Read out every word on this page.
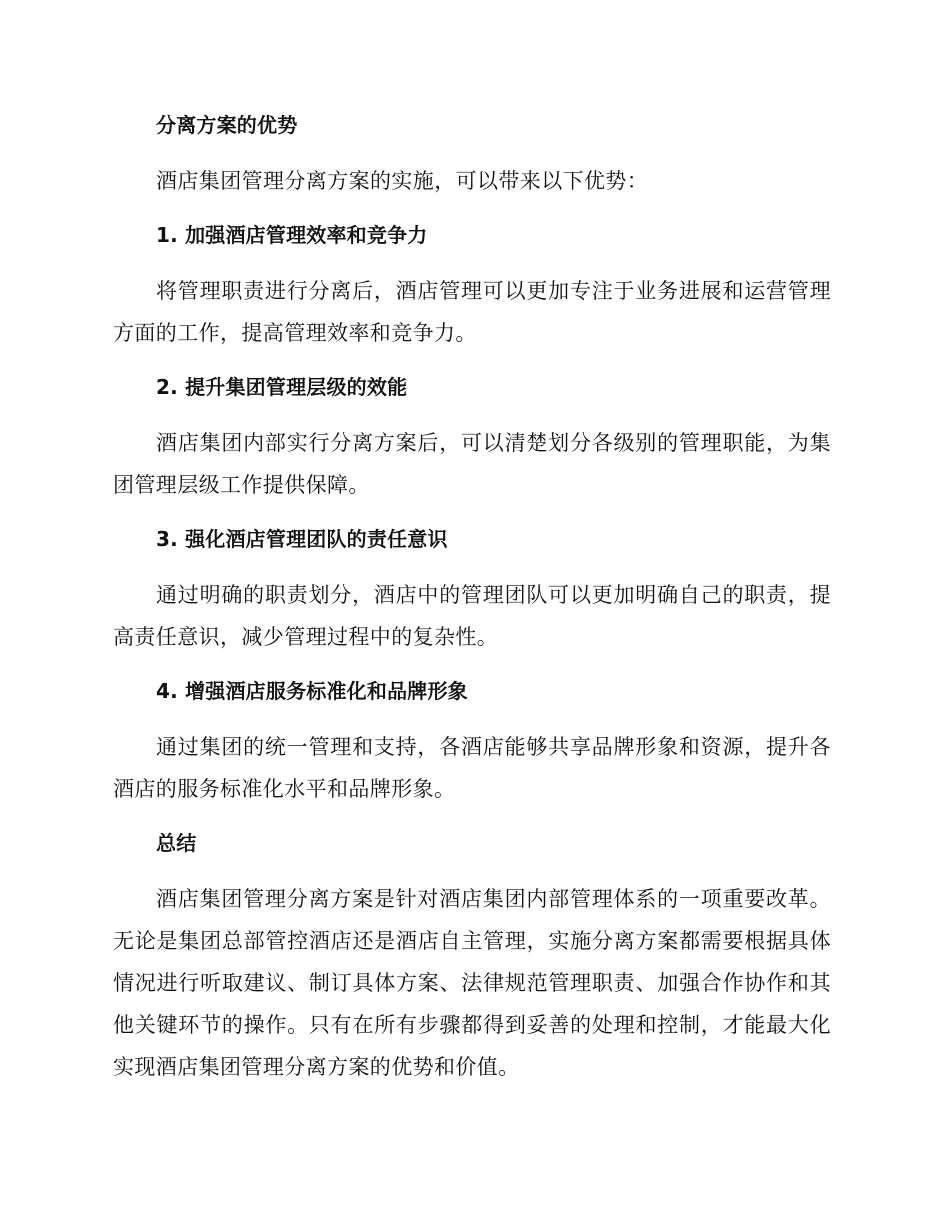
分离方案的优势

酒店集团管理分离方案的实施，可以带来以下优势：

1. 加强酒店管理效率和竞争力

将管理职责进行分离后，酒店管理可以更加专注于业务进展和运营管理方面的工作，提高管理效率和竞争力。

2. 提升集团管理层级的效能

酒店集团内部实行分离方案后，可以清楚划分各级别的管理职能，为集团管理层级工作提供保障。

3. 强化酒店管理团队的责任意识

通过明确的职责划分，酒店中的管理团队可以更加明确自己的职责，提高责任意识，减少管理过程中的复杂性。

4. 增强酒店服务标准化和品牌形象

通过集团的统一管理和支持，各酒店能够共享品牌形象和资源，提升各酒店的服务标准化水平和品牌形象。

总结

酒店集团管理分离方案是针对酒店集团内部管理体系的一项重要改革。无论是集团总部管控酒店还是酒店自主管理，实施分离方案都需要根据具体情况进行听取建议、制订具体方案、法律规范管理职责、加强合作协作和其他关键环节的操作。只有在所有步骤都得到妥善的处理和控制，才能最大化实现酒店集团管理分离方案的优势和价值。
